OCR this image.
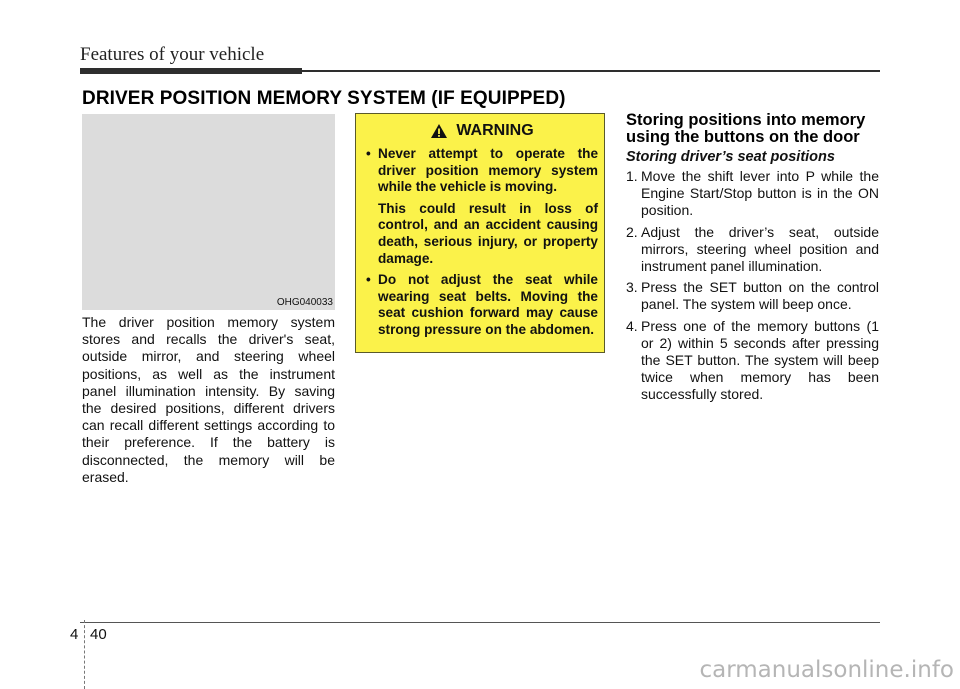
Features of your vehicle
DRIVER POSITION MEMORY SYSTEM (IF EQUIPPED)
OHG040033
The driver position memory system stores and recalls the driver's seat, outside mirror, and steering wheel positions, as well as the instrument panel illumination intensity. By saving the desired positions, different drivers can recall different settings according to their preference. If the battery is disconnected, the memory will be erased.
WARNING
• Never attempt to operate the driver position memory system while the vehicle is moving.

This could result in loss of control, and an accident causing death, serious injury, or property damage.

• Do not adjust the seat while wearing seat belts. Moving the seat cushion forward may cause strong pressure on the abdomen.

Storing positions into memory using the buttons on the door
Storing driver’s seat positions
1. Move the shift lever into P while the Engine Start/Stop button is in the ON position.
2. Adjust the driver’s seat, outside mirrors, steering wheel position and instrument panel illumination.
3. Press the SET button on the control panel. The system will beep once.
4. Press one of the memory buttons (1 or 2) within 5 seconds after pressing the SET button. The system will beep twice when memory has been successfully stored.
4 40
carmanualsonline.info
